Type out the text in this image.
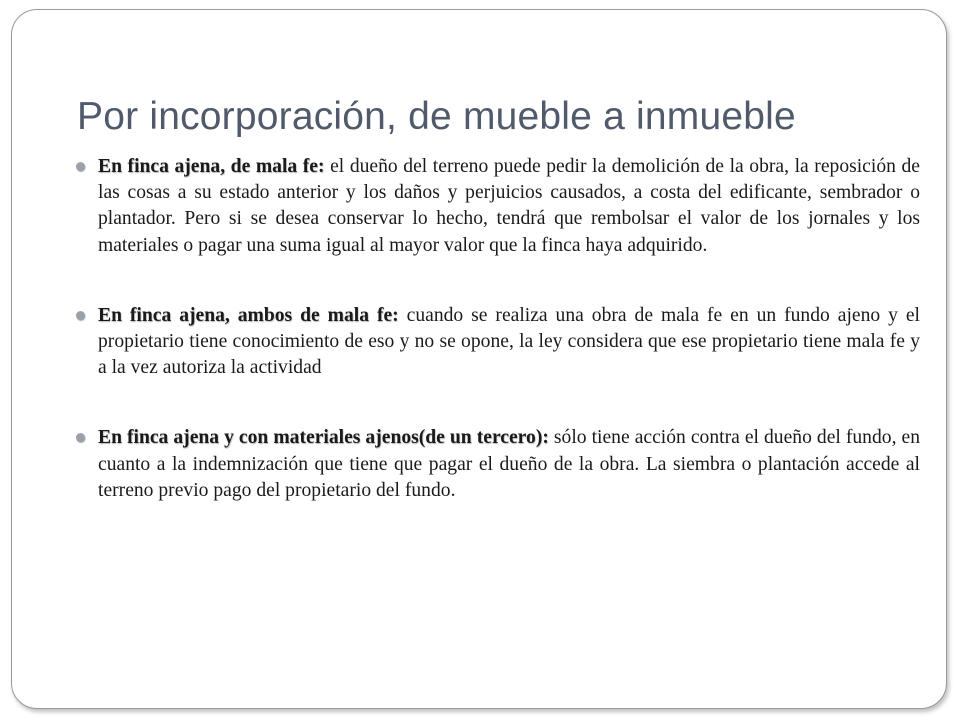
Por incorporación, de mueble a inmueble

En finca ajena, de mala fe: el dueño del terreno puede pedir la demolición de la obra, la reposición de las cosas a su estado anterior y los daños y perjuicios causados, a costa del edificante, sembrador o plantador. Pero si se desea conservar lo hecho, tendrá que rembolsar el valor de los jornales y los materiales o pagar una suma igual al mayor valor que la finca haya adquirido.

En finca ajena, ambos de mala fe: cuando se realiza una obra de mala fe en un fundo ajeno y el propietario tiene conocimiento de eso y no se opone, la ley considera que ese propietario tiene mala fe y a la vez autoriza la actividad

En finca ajena y con materiales ajenos(de un tercero): sólo tiene acción contra el dueño del fundo, en cuanto a la indemnización que tiene que pagar el dueño de la obra. La siembra o plantación accede al terreno previo pago del propietario del fundo.
